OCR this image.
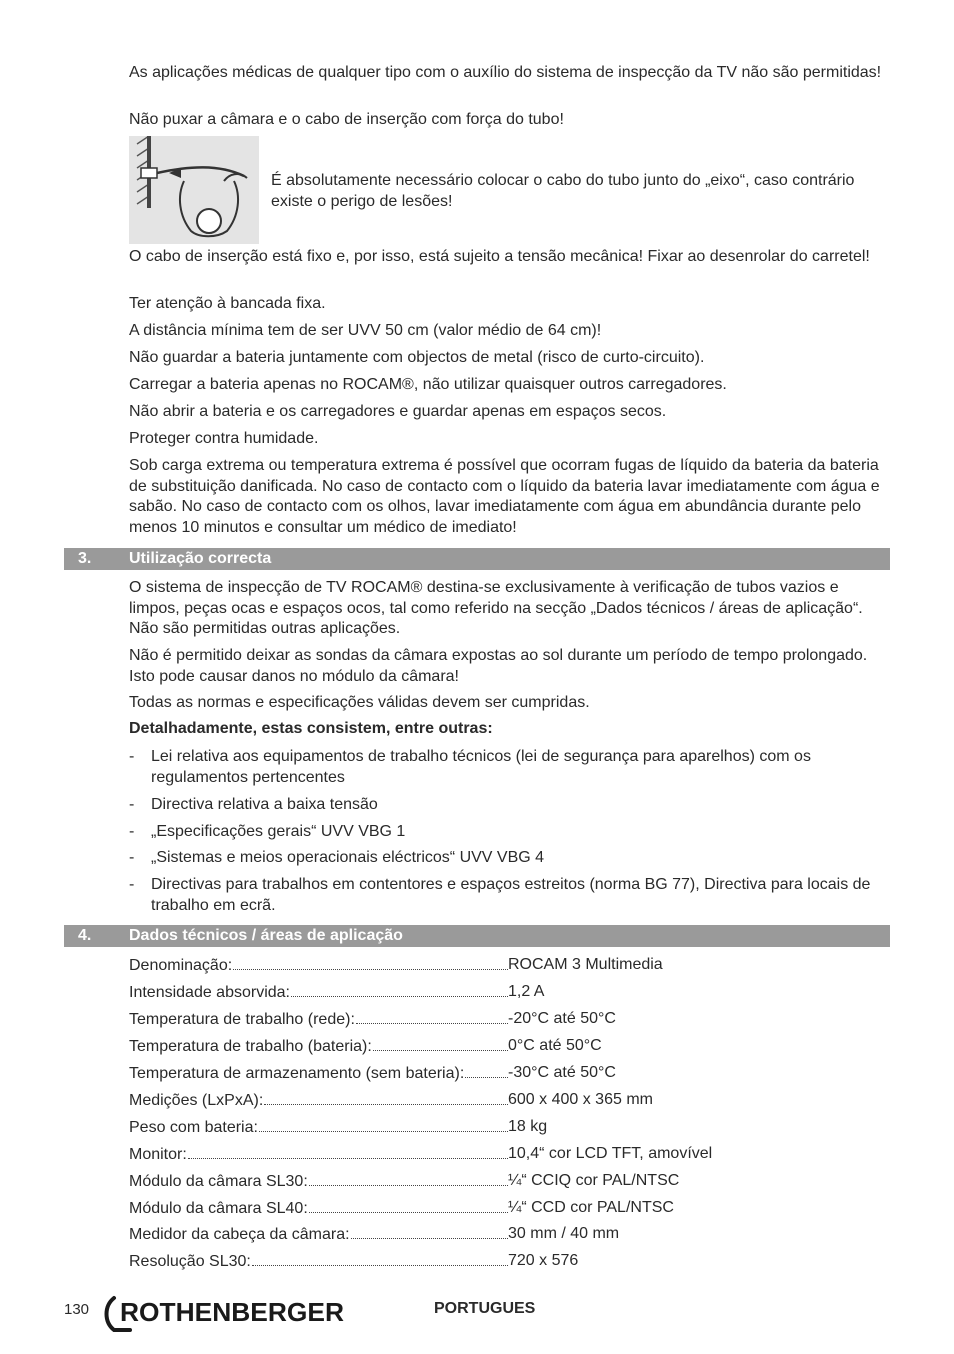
As aplicações médicas de qualquer tipo com o auxílio do sistema de inspecção da TV não são permitidas!

Não puxar a câmara e o cabo de inserção com força do tubo!

É absolutamente necessário colocar o cabo do tubo junto do „eixo“, caso contrário existe o perigo de lesões!

O cabo de inserção está fixo e, por isso, está sujeito a tensão mecânica! Fixar ao desenrolar do carretel!

Ter atenção à bancada fixa.

A distância mínima tem de ser UVV 50 cm (valor médio de 64 cm)!

Não guardar a bateria juntamente com objectos de metal (risco de curto-circuito).

Carregar a bateria apenas no ROCAM®, não utilizar quaisquer outros carregadores.

Não abrir a bateria e os carregadores e guardar apenas em espaços secos.

Proteger contra humidade.

Sob carga extrema ou temperatura extrema é possível que ocorram fugas de líquido da bateria da bateria de substituição danificada. No caso de contacto com o líquido da bateria lavar imediatamente com água e sabão. No caso de contacto com os olhos, lavar imediatamente com água em abundância durante pelo menos 10 minutos e consultar um médico de imediato!

3. Utilização correcta

O sistema de inspecção de TV ROCAM® destina-se exclusivamente à verificação de tubos vazios e limpos, peças ocas e espaços ocos, tal como referido na secção „Dados técnicos / áreas de aplicação“. Não são permitidas outras aplicações.

Não é permitido deixar as sondas da câmara expostas ao sol durante um período de tempo prolongado. Isto pode causar danos no módulo da câmara!

Todas as normas e especificações válidas devem ser cumpridas.

Detalhadamente, estas consistem, entre outras:

- Lei relativa aos equipamentos de trabalho técnicos (lei de segurança para aparelhos) com os regulamentos pertencentes
- Directiva relativa a baixa tensão
- „Especificações gerais“ UVV VBG 1
- „Sistemas e meios operacionais eléctricos“ UVV VBG 4
- Directivas para trabalhos em contentores e espaços estreitos (norma BG 77), Directiva para locais de trabalho em ecrã.
4. Dados técnicos / áreas de aplicação
Denominação:	ROCAM 3 Multimedia
Intensidade absorvida:	1,2 A
Temperatura de trabalho (rede):	-20°C até 50°C
Temperatura de trabalho (bateria):	0°C até 50°C
Temperatura de armazenamento (sem bateria):	-30°C até 50°C
Medições (LxPxA):	600 x 400 x 365 mm
Peso com bateria:	18 kg
Monitor:	10,4“ cor LCD TFT, amovível
Módulo da câmara SL30:	¼“ CCIQ cor PAL/NTSC
Módulo da câmara SL40:	¼“ CCD cor PAL/NTSC
Medidor da cabeça da câmara:	30 mm / 40 mm
Resolução SL30:	720 x 576
130 ROTHENBERGER	PORTUGUES
